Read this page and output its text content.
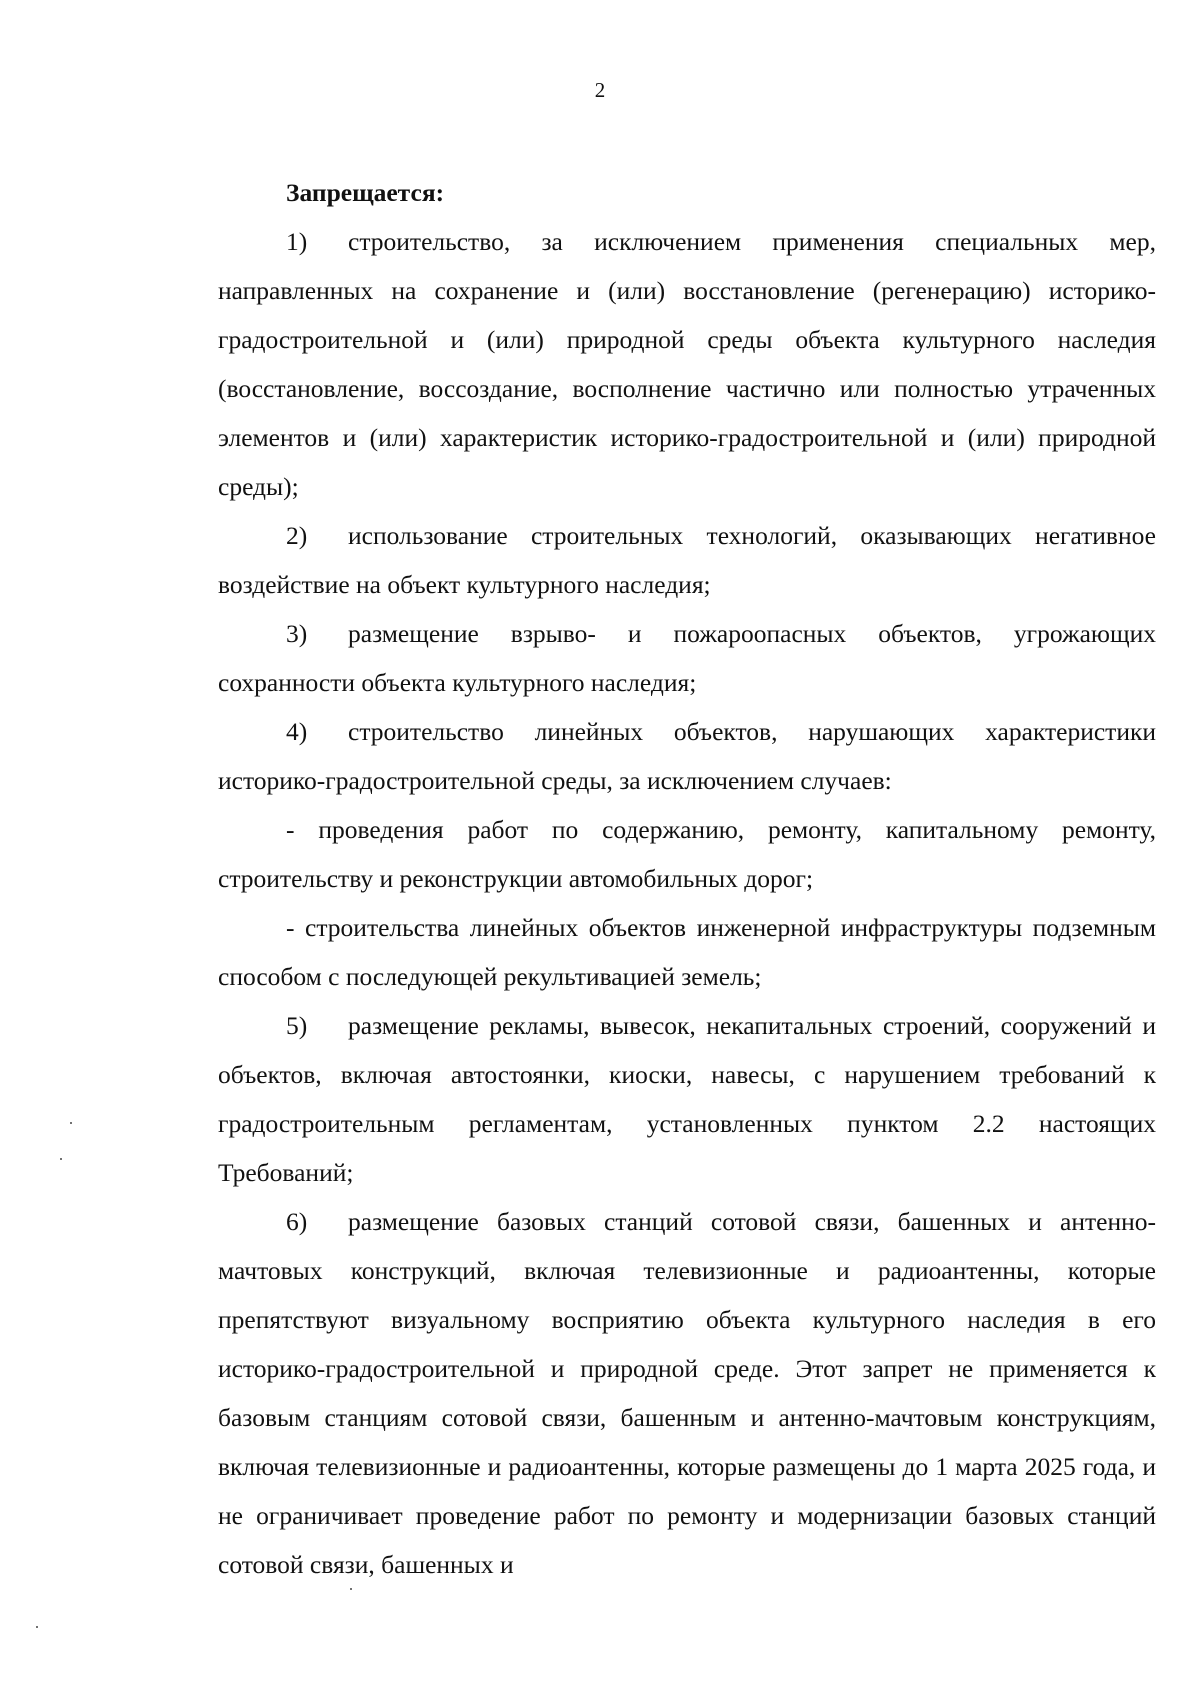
2

Запрещается:

1) строительство, за исключением применения специальных мер, направленных на сохранение и (или) восстановление (регенерацию) историко-градостроительной и (или) природной среды объекта культурного наследия (восстановление, воссоздание, восполнение частично или полностью утраченных элементов и (или) характеристик историко-градостроительной и (или) природной среды);

2) использование строительных технологий, оказывающих негативное воздействие на объект культурного наследия;

3) размещение взрыво- и пожароопасных объектов, угрожающих сохранности объекта культурного наследия;

4) строительство линейных объектов, нарушающих характеристики историко-градостроительной среды, за исключением случаев:

- проведения работ по содержанию, ремонту, капитальному ремонту, строительству и реконструкции автомобильных дорог;

- строительства линейных объектов инженерной инфраструктуры подземным способом с последующей рекультивацией земель;

5) размещение рекламы, вывесок, некапитальных строений, сооружений и объектов, включая автостоянки, киоски, навесы, с нарушением требований к градостроительным регламентам, установленных пунктом 2.2 настоящих Требований;

6) размещение базовых станций сотовой связи, башенных и антенно-мачтовых конструкций, включая телевизионные и радиоантенны, которые препятствуют визуальному восприятию объекта культурного наследия в его историко-градостроительной и природной среде. Этот запрет не применяется к базовым станциям сотовой связи, башенным и антенно-мачтовым конструкциям, включая телевизионные и радиоантенны, которые размещены до 1 марта 2025 года, и не ограничивает проведение работ по ремонту и модернизации базовых станций сотовой связи, башенных и
